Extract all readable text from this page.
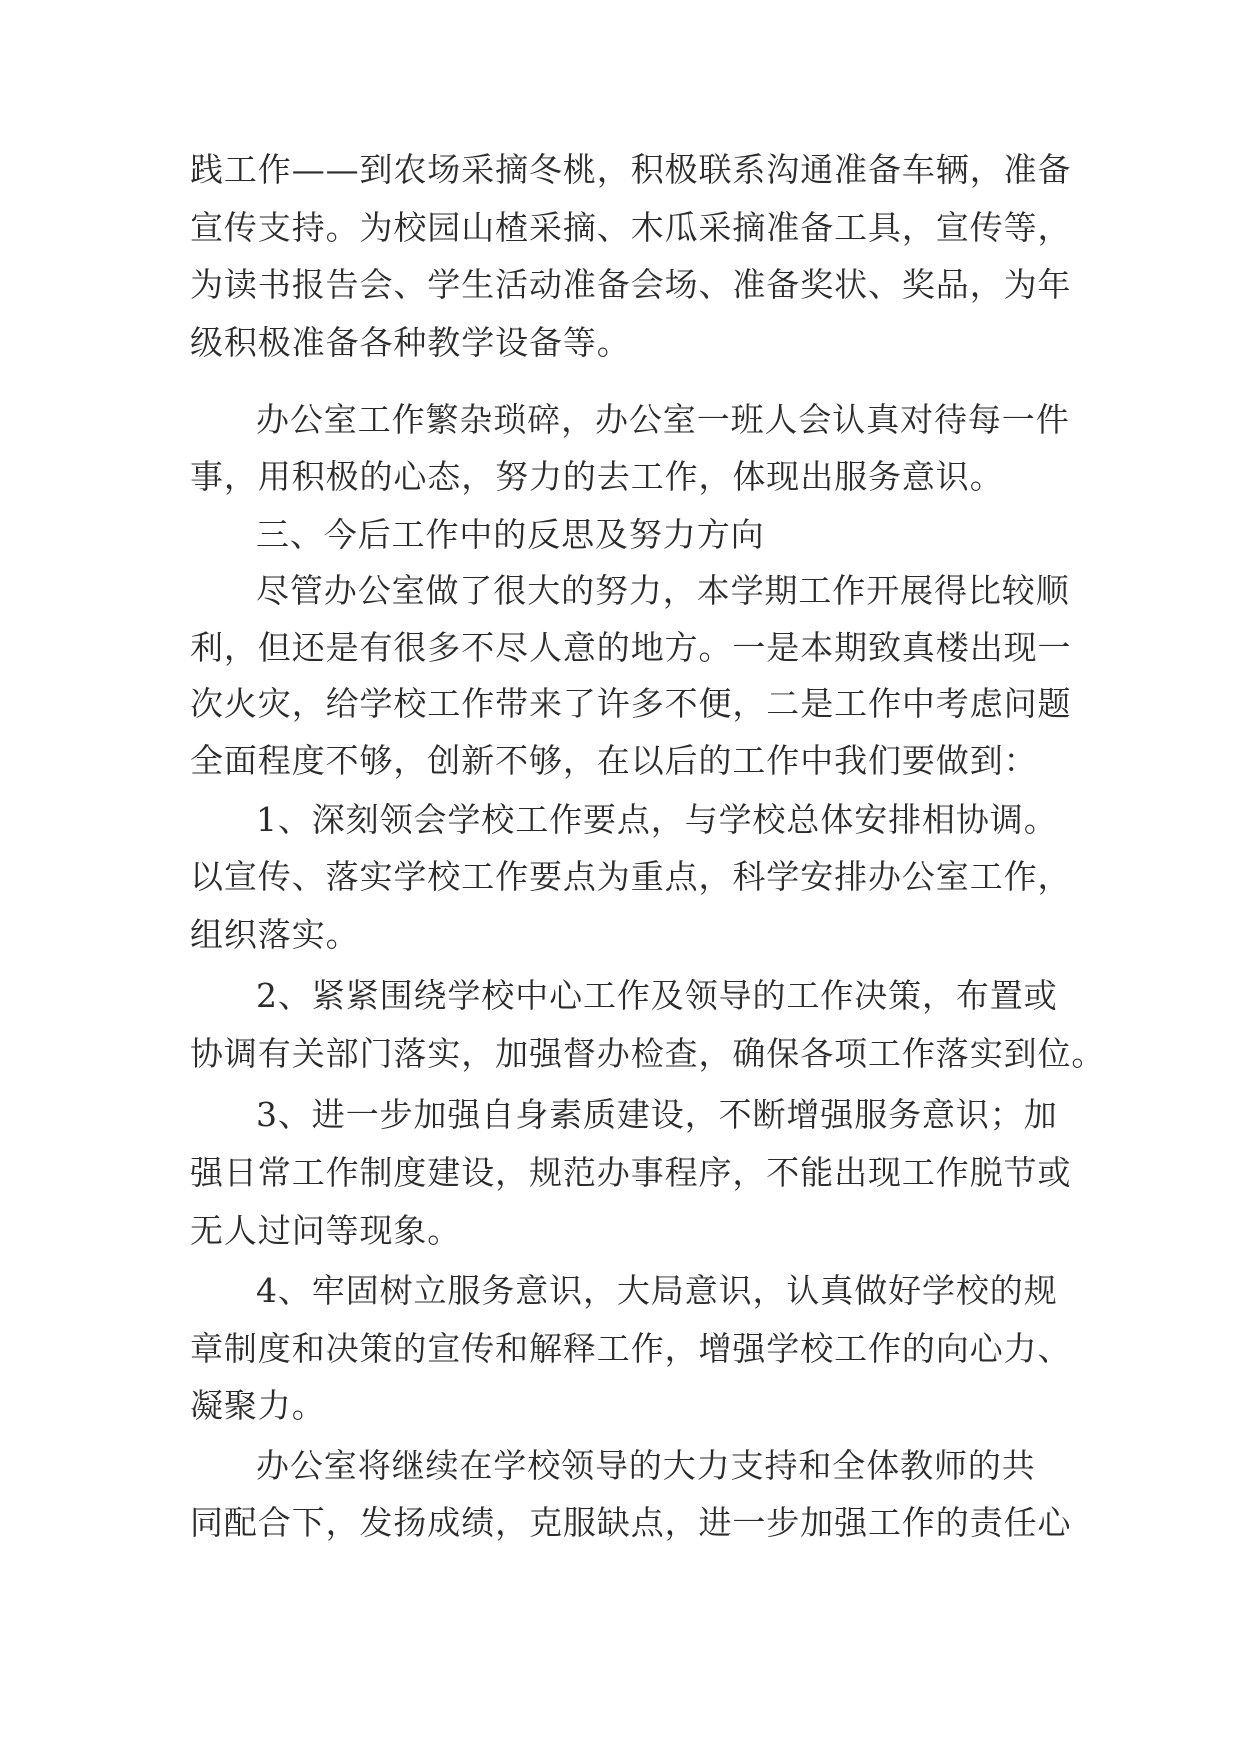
践工作——到农场采摘冬桃，积极联系沟通准备车辆，准备
宣传支持。为校园山楂采摘、木瓜采摘准备工具，宣传等，
为读书报告会、学生活动准备会场、准备奖状、奖品，为年
级积极准备各种教学设备等。
办公室工作繁杂琐碎，办公室一班人会认真对待每一件
事，用积极的心态，努力的去工作，体现出服务意识。
三、今后工作中的反思及努力方向
尽管办公室做了很大的努力，本学期工作开展得比较顺
利，但还是有很多不尽人意的地方。一是本期致真楼出现一
次火灾，给学校工作带来了许多不便，二是工作中考虑问题
全面程度不够，创新不够，在以后的工作中我们要做到：
1、深刻领会学校工作要点，与学校总体安排相协调。
以宣传、落实学校工作要点为重点，科学安排办公室工作，
组织落实。
2、紧紧围绕学校中心工作及领导的工作决策，布置或
协调有关部门落实，加强督办检查，确保各项工作落实到位。
3、进一步加强自身素质建设，不断增强服务意识；加
强日常工作制度建设，规范办事程序，不能出现工作脱节或
无人过问等现象。
4、牢固树立服务意识，大局意识，认真做好学校的规
章制度和决策的宣传和解释工作，增强学校工作的向心力、
凝聚力。
办公室将继续在学校领导的大力支持和全体教师的共
同配合下，发扬成绩，克服缺点，进一步加强工作的责任心
